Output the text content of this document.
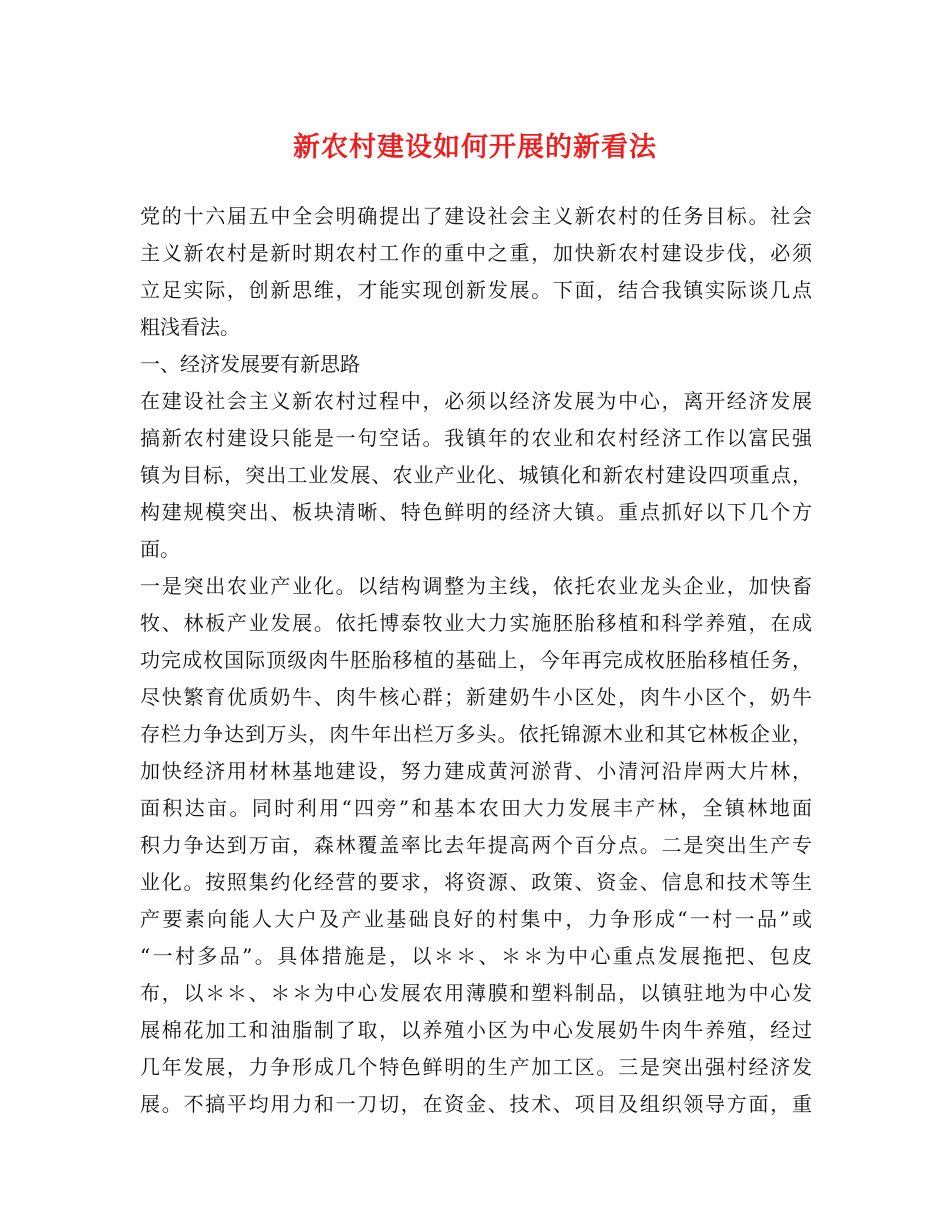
新农村建设如何开展的新看法
党的十六届五中全会明确提出了建设社会主义新农村的任务目标。社会
主义新农村是新时期农村工作的重中之重，加快新农村建设步伐，必须
立足实际，创新思维，才能实现创新发展。下面，结合我镇实际谈几点
粗浅看法。
一、经济发展要有新思路
在建设社会主义新农村过程中，必须以经济发展为中心，离开经济发展
搞新农村建设只能是一句空话。我镇年的农业和农村经济工作以富民强
镇为目标，突出工业发展、农业产业化、城镇化和新农村建设四项重点，
构建规模突出、板块清晰、特色鲜明的经济大镇。重点抓好以下几个方
面。
一是突出农业产业化。以结构调整为主线，依托农业龙头企业，加快畜
牧、林板产业发展。依托博泰牧业大力实施胚胎移植和科学养殖，在成
功完成枚国际顶级肉牛胚胎移植的基础上，今年再完成枚胚胎移植任务，
尽快繁育优质奶牛、肉牛核心群；新建奶牛小区处，肉牛小区个，奶牛
存栏力争达到万头，肉牛年出栏万多头。依托锦源木业和其它林板企业，
加快经济用材林基地建设，努力建成黄河淤背、小清河沿岸两大片林，
面积达亩。同时利用“四旁”和基本农田大力发展丰产林，全镇林地面
积力争达到万亩，森林覆盖率比去年提高两个百分点。二是突出生产专
业化。按照集约化经营的要求，将资源、政策、资金、信息和技术等生
产要素向能人大户及产业基础良好的村集中，力争形成“一村一品”或
“一村多品”。具体措施是，以＊＊、＊＊为中心重点发展拖把、包皮
布，以＊＊、＊＊为中心发展农用薄膜和塑料制品，以镇驻地为中心发
展棉花加工和油脂制了取，以养殖小区为中心发展奶牛肉牛养殖，经过
几年发展，力争形成几个特色鲜明的生产加工区。三是突出强村经济发
展。不搞平均用力和一刀切，在资金、技术、项目及组织领导方面，重
